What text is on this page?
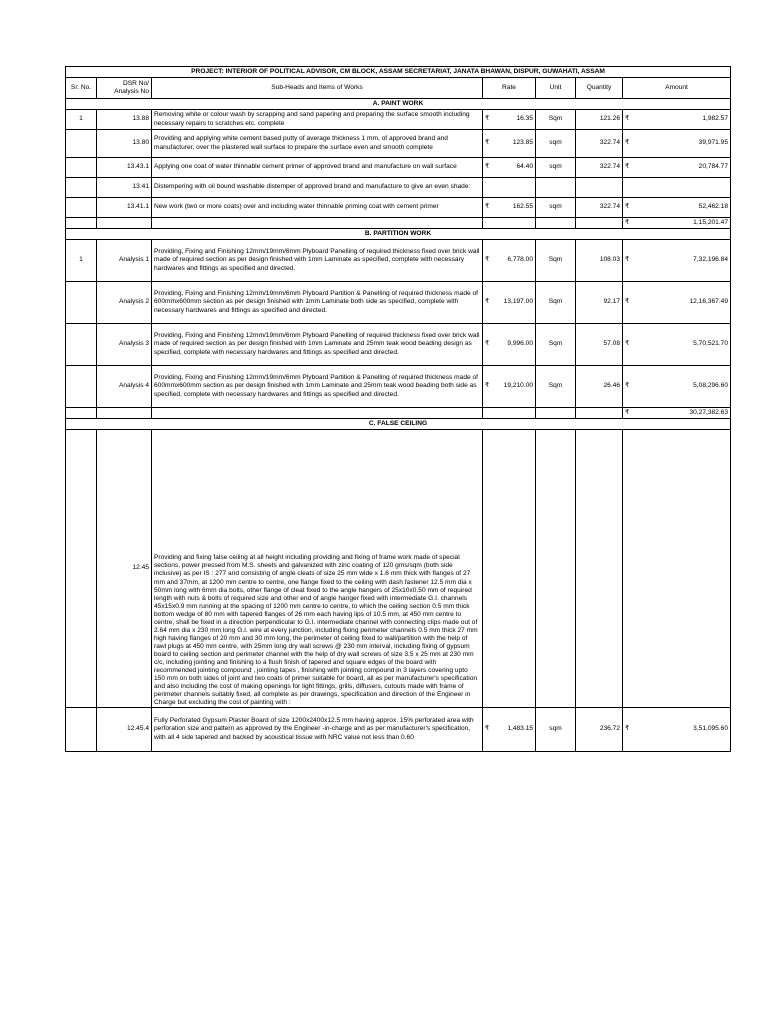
PROJECT: INTERIOR OF POLITICAL ADVISOR, CM BLOCK, ASSAM SECRETARIAT, JANATA BHAWAN, DISPUR, GUWAHATI, ASSAM						
Sr. No.	DSR No/ Analysis No	Sub-Heads and Items of Works	Rate	Unit	Quantity	Amount
A. PAINT WORK						
1	13.88	Removing white or colour wash by scrapping and sand papering and preparing the surface smooth including necessary repairs to scratches etc. complete	₹ 16.35	Sqm	121.26	₹ 1,982.57

	13.80	Providing and applying white cement based putty of average thickness 1 mm, of approved brand and manufacturer, over the plastered wall surface to prepare the surface even and smooth complete	₹ 123.85	sqm	322.74	₹ 39,971.95

	13.43.1	Applying one coat of water thinnable cement primer of approved brand and manufacture on wall surface	₹ 64.40	sqm	322.74	₹ 20,784.77

	13.41	Distempering with oil bound washable distemper of approved brand and manufacture to give an even shade:				
	13.41.1	New work (two or more coats) over and including water thinnable priming coat with cement primer	₹ 162.55	sqm	322.74	₹ 52,462.18

						₹ 1,15,201.47

B. PARTITION WORK						
1	Analysis 1	Providing, Fixing and Finishing 12mm/19mm/6mm Plyboard Panelling of required thickness fixed over brick wall made of required section as per design finished with 1mm Laminate as specified, complete with necessary hardwares and fittings as specified and directed.	₹ 6,778.00	Sqm	108.03	₹ 7,32,196.84

	Analysis 2	Providing, Fixing and Finishing 12mm/19mm/6mm Plyboard Partition & Panelling of required thickness made of 600mmx600mm section as per design finished with 1mm Laminate both side as specified, complete with necessary hardwares and fittings as specified and directed.	₹ 13,197.00	Sqm	92.17	₹ 12,16,367.49

	Analysis 3	Providing, Fixing and Finishing 12mm/19mm/6mm Plyboard Panelling of required thickness fixed over brick wall made of required section as per design finished with 1mm Laminate and 25mm teak wood beading design as specified, complete with necessary hardwares and fittings as specified and directed.	₹ 9,996.00	Sqm	57.08	₹ 5,70,521.70

	Analysis 4	Providing, Fixing and Finishing 12mm/19mm/6mm Plyboard Partition & Panelling of required thickness made of 600mmx600mm section as per design finished with 1mm Laminate and 25mm teak wood beading both side as specified, complete with necessary hardwares and fittings as specified and directed.	₹ 19,210.00	Sqm	26.46	₹ 5,08,296.60

						₹ 30,27,382.63

C. FALSE CEILING						
	12.45	Providing and fixing false ceiling at all height including providing and fixing of frame work made of special sections, power pressed from M.S. sheets and galvanized with zinc coating of 120 gms/sqm (both side inclusive) as per IS : 277 and consisting of angle cleats of size 25 mm wide x 1.6 mm thick with flanges of 27 mm and 37mm, at 1200 mm centre to centre, one flange fixed to the ceiling with dash fastener 12.5 mm dia x 50mm long with 6mm dia bolts, other flange of cleat fixed to the angle hangers of 25x10x0.50 mm of required length with nuts & bolts of required size and other end of angle hanger fixed with intermediate G.I. channels 45x15x0.9 mm running at the spacing of 1200 mm centre to centre, to which the ceiling section 0.5 mm thick bottom wedge of 80 mm with tapered flanges of 26 mm each having lips of 10.5 mm, at 450 mm centre to centre, shall be fixed in a direction perpendicular to G.I. intermediate channel with connecting clips made out of 2.64 mm dia x 230 mm long G.I. wire at every junction, including fixing perimeter channels 0.5 mm thick 27 mm high having flanges of 20 mm and 30 mm long, the perimeter of ceiling fixed to wall/partition with the help of rawl plugs at 450 mm centre, with 25mm long dry wall screws @ 230 mm interval, including fixing of gypsum board to ceiling section and perimeter channel with the help of dry wall screws of size 3.5 x 25 mm at 230 mm c/c, including jointing and finishing to a flush finish of tapered and square edges of the board with recommended jointing compound , jointing tapes , finishing with jointing compound in 3 layers covering upto 150 mm on both sides of joint and two coats of primer suitable for board, all as per manufacturer's specification and also including the cost of making openings for light fittings, grills, diffusers, cutouts made with frame of perimeter channels suitably fixed, all complete as per drawings, specification and direction of the Engineer in Charge but excluding the cost of painting with :				
	12.45.4	Fully Perforated Gypsum Plaster Board of size 1200x2400x12.5 mm having approx. 15% perforated area with perforation size and pattern as approved by the Engineer -in-charge and as per manufacturer's specification, with all 4 side tapered and backed by acoustical tissue with NRC value not less than 0.60	₹ 1,483.15	sqm	236.72	₹ 3,51,095.60
